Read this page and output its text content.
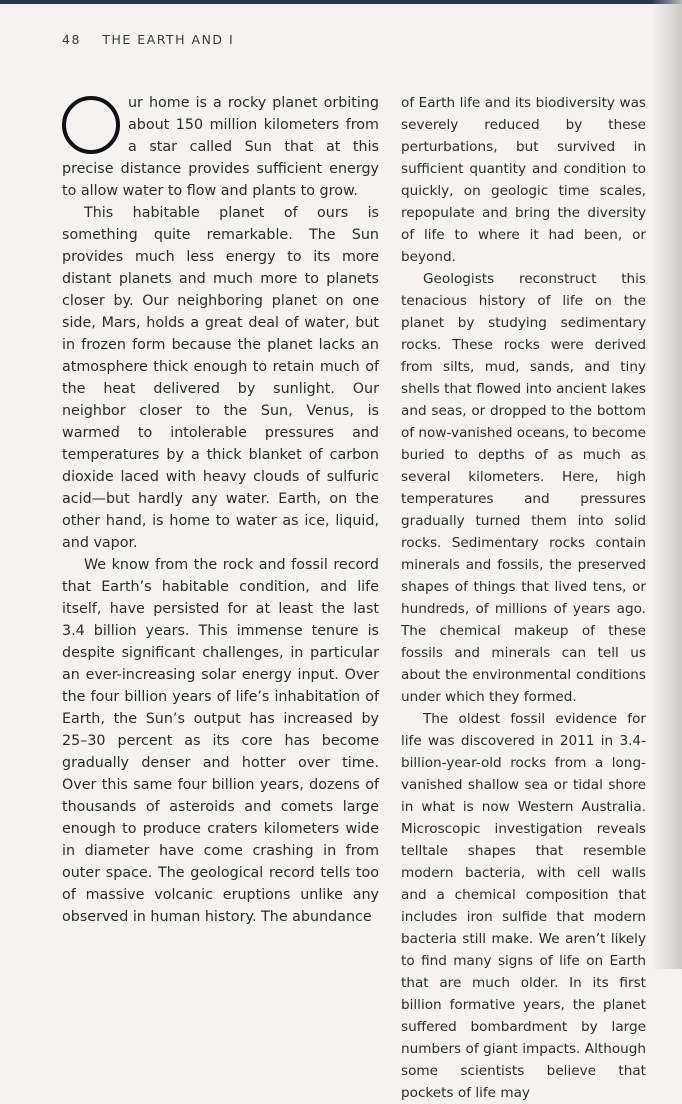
48 THE EARTH AND I

ur home is a rocky planet orbiting about 150 million kilometers from a star called Sun that at this precise distance provides sufficient energy to allow water to flow and plants to grow.

This habitable planet of ours is something quite remarkable. The Sun provides much less energy to its more distant planets and much more to planets closer by. Our neighboring planet on one side, Mars, holds a great deal of water, but in frozen form because the planet lacks an atmosphere thick enough to retain much of the heat delivered by sunlight. Our neighbor closer to the Sun, Venus, is warmed to intolerable pressures and temperatures by a thick blanket of carbon dioxide laced with heavy clouds of sulfuric acid—but hardly any water. Earth, on the other hand, is home to water as ice, liquid, and vapor.

We know from the rock and fossil record that Earth’s habitable condition, and life itself, have persisted for at least the last 3.4 billion years. This immense tenure is despite significant challenges, in particular an ever-increasing solar energy input. Over the four billion years of life’s inhabitation of Earth, the Sun’s output has increased by 25–30 percent as its core has become gradually denser and hotter over time. Over this same four billion years, dozens of thousands of asteroids and comets large enough to produce craters kilometers wide in diameter have come crashing in from outer space. The geological record tells too of massive volcanic eruptions unlike any observed in human history. The abundance

of Earth life and its biodiversity was severely reduced by these perturbations, but survived in sufficient quantity and condition to quickly, on geologic time scales, repopulate and bring the diversity of life to where it had been, or beyond.

Geologists reconstruct this tenacious history of life on the planet by studying sedimentary rocks. These rocks were derived from silts, mud, sands, and tiny shells that flowed into ancient lakes and seas, or dropped to the bottom of now-vanished oceans, to become buried to depths of as much as several kilometers. Here, high temperatures and pressures gradually turned them into solid rocks. Sedimentary rocks contain minerals and fossils, the preserved shapes of things that lived tens, or hundreds, of millions of years ago. The chemical makeup of these fossils and minerals can tell us about the environmental conditions under which they formed.

The oldest fossil evidence for life was discovered in 2011 in 3.4-billion-year-old rocks from a long-vanished shallow sea or tidal shore in what is now Western Australia. Microscopic investigation reveals telltale shapes that resemble modern bacteria, with cell walls and a chemical composition that includes iron sulfide that modern bacteria still make. We aren’t likely to find many signs of life on Earth that are much older. In its first billion formative years, the planet suffered bombardment by large numbers of giant impacts. Although some scientists believe that pockets of life may
